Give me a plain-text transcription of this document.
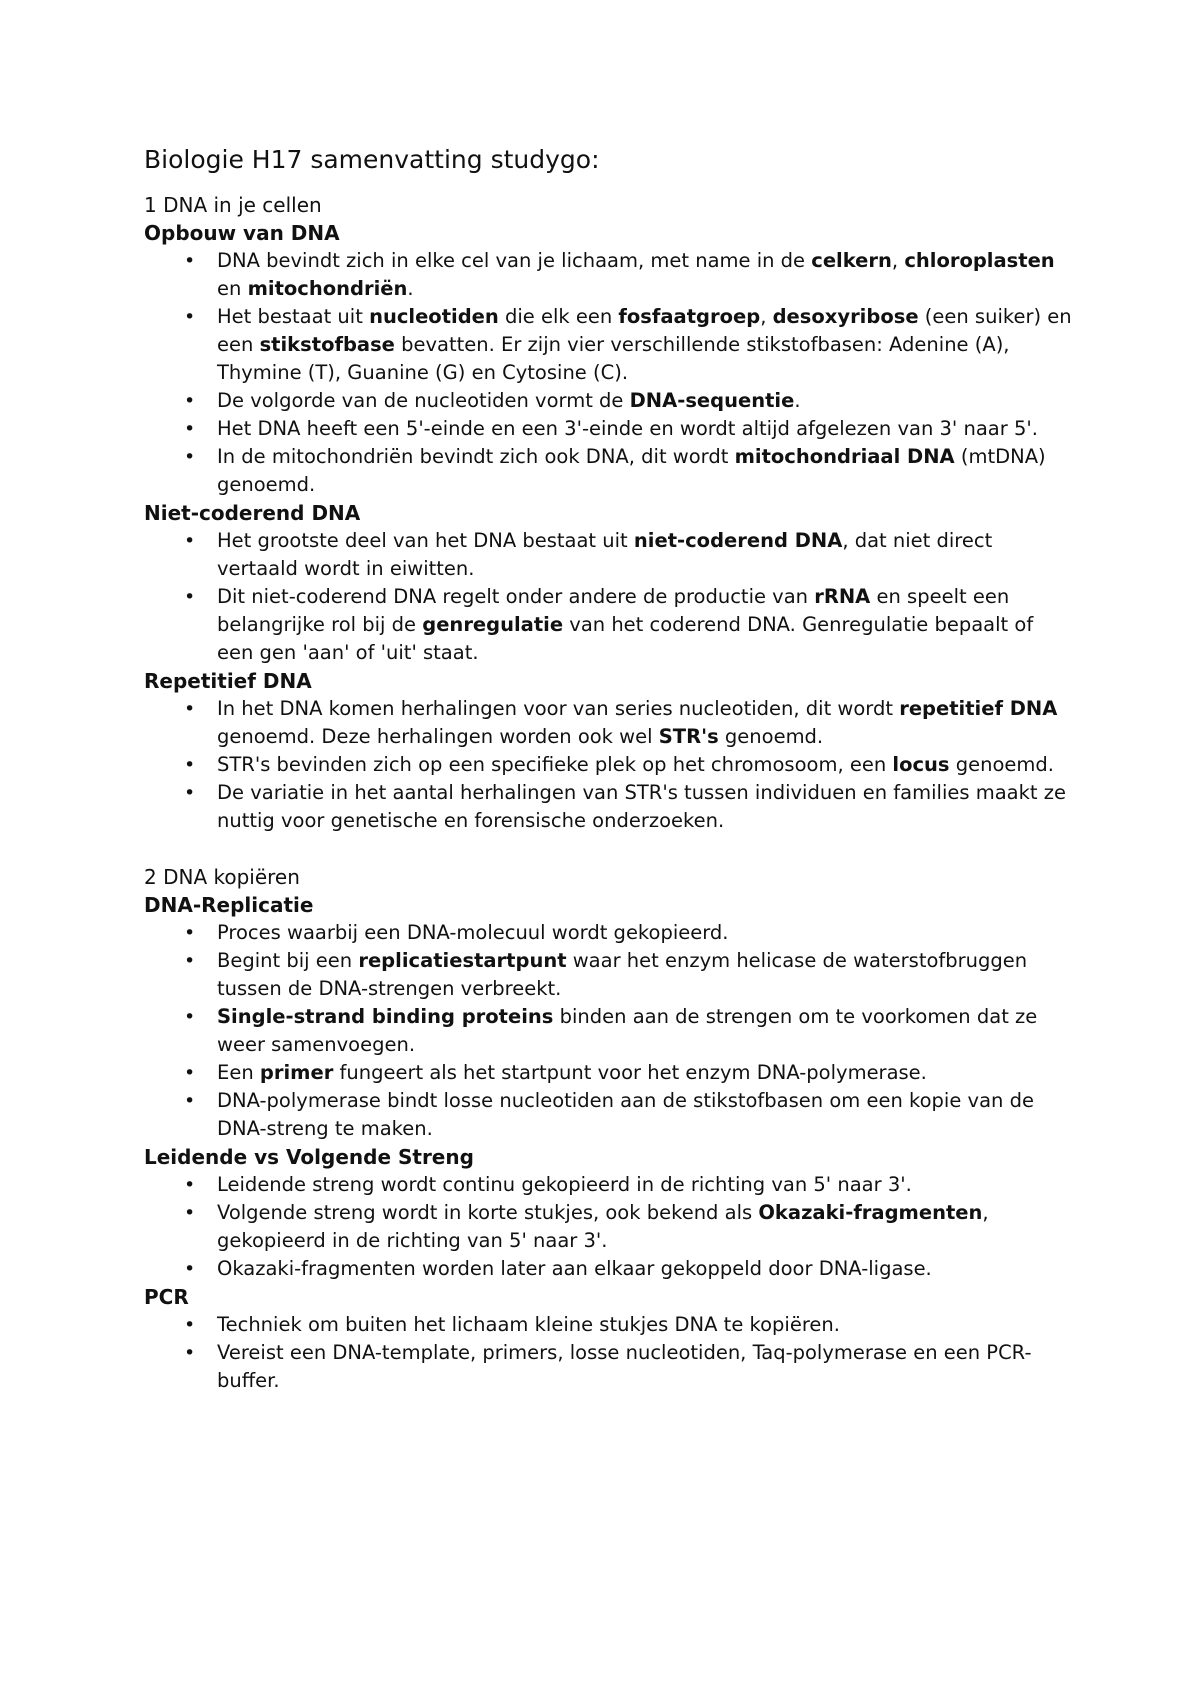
Biologie H17 samenvatting studygo:
1 DNA in je cellen
Opbouw van DNA
• DNA bevindt zich in elke cel van je lichaam, met name in de celkern, chloroplasten en mitochondriën.
• Het bestaat uit nucleotiden die elk een fosfaatgroep, desoxyribose (een suiker) en een stikstofbase bevatten. Er zijn vier verschillende stikstofbasen: Adenine (A), Thymine (T), Guanine (G) en Cytosine (C).
• De volgorde van de nucleotiden vormt de DNA-sequentie.
• Het DNA heeft een 5'-einde en een 3'-einde en wordt altijd afgelezen van 3' naar 5'.
• In de mitochondriën bevindt zich ook DNA, dit wordt mitochondriaal DNA (mtDNA) genoemd.
Niet-coderend DNA
• Het grootste deel van het DNA bestaat uit niet-coderend DNA, dat niet direct vertaald wordt in eiwitten.
• Dit niet-coderend DNA regelt onder andere de productie van rRNA en speelt een belangrijke rol bij de genregulatie van het coderend DNA. Genregulatie bepaalt of een gen 'aan' of 'uit' staat.
Repetitief DNA
• In het DNA komen herhalingen voor van series nucleotiden, dit wordt repetitief DNA genoemd. Deze herhalingen worden ook wel STR's genoemd.
• STR's bevinden zich op een specifieke plek op het chromosoom, een locus genoemd.
• De variatie in het aantal herhalingen van STR's tussen individuen en families maakt ze nuttig voor genetische en forensische onderzoeken.
2 DNA kopiëren
DNA-Replicatie
• Proces waarbij een DNA-molecuul wordt gekopieerd.
• Begint bij een replicatiestartpunt waar het enzym helicase de waterstofbruggen tussen de DNA-strengen verbreekt.
• Single-strand binding proteins binden aan de strengen om te voorkomen dat ze weer samenvoegen.
• Een primer fungeert als het startpunt voor het enzym DNA-polymerase.
• DNA-polymerase bindt losse nucleotiden aan de stikstofbasen om een kopie van de DNA-streng te maken.
Leidende vs Volgende Streng
• Leidende streng wordt continu gekopieerd in de richting van 5' naar 3'.
• Volgende streng wordt in korte stukjes, ook bekend als Okazaki-fragmenten, gekopieerd in de richting van 5' naar 3'.
• Okazaki-fragmenten worden later aan elkaar gekoppeld door DNA-ligase.
PCR
• Techniek om buiten het lichaam kleine stukjes DNA te kopiëren.
• Vereist een DNA-template, primers, losse nucleotiden, Taq-polymerase en een PCR-buffer.
